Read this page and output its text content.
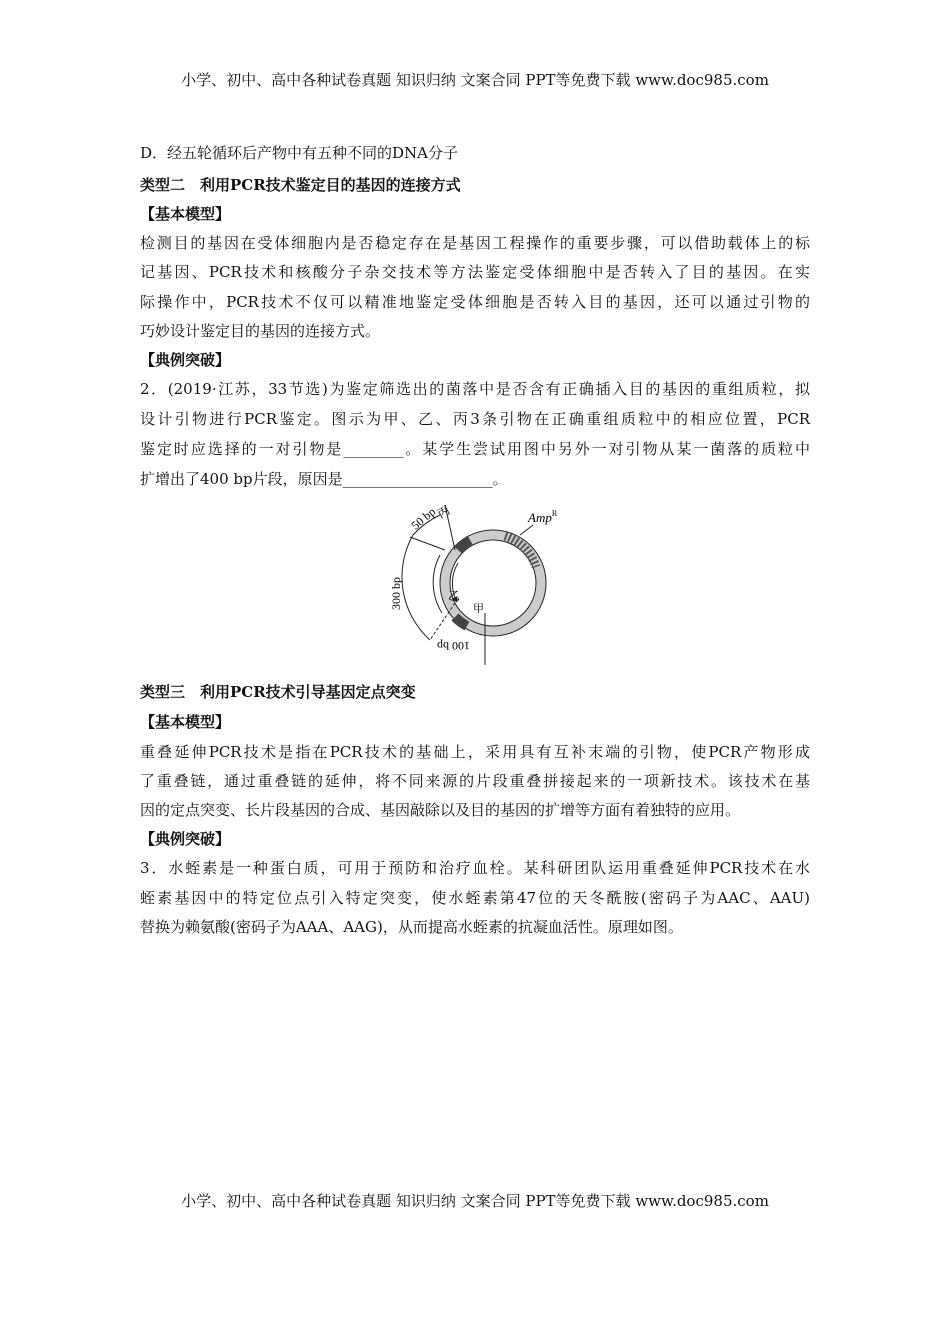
小学、初中、高中各种试卷真题 知识归纳 文案合同 PPT等免费下载 www.doc985.com
D．经五轮循环后产物中有五种不同的DNA分子
类型二　利用PCR技术鉴定目的基因的连接方式
【基本模型】
检测目的基因在受体细胞内是否稳定存在是基因工程操作的重要步骤，可以借助载体上的标
记基因、PCR技术和核酸分子杂交技术等方法鉴定受体细胞中是否转入了目的基因。在实
际操作中，PCR技术不仅可以精准地鉴定受体细胞是否转入目的基因，还可以通过引物的
巧妙设计鉴定目的基因的连接方式。
【典例突破】
2．(2019·江苏，33节选)为鉴定筛选出的菌落中是否含有正确插入目的基因的重组质粒，拟
设计引物进行PCR鉴定。图示为甲、乙、丙3条引物在正确重组质粒中的相应位置，PCR
鉴定时应选择的一对引物是________。某学生尝试用图中另外一对引物从某一菌落的质粒中
扩增出了400 bp片段，原因是____________________。
50 bp
300 bp
100 bp
丙
乙
甲
Amp$^R$
类型三　利用PCR技术引导基因定点突变
【基本模型】
重叠延伸PCR技术是指在PCR技术的基础上，采用具有互补末端的引物，使PCR产物形成
了重叠链，通过重叠链的延伸，将不同来源的片段重叠拼接起来的一项新技术。该技术在基
因的定点突变、长片段基因的合成、基因敲除以及目的基因的扩增等方面有着独特的应用。
【典例突破】
3．水蛭素是一种蛋白质，可用于预防和治疗血栓。某科研团队运用重叠延伸PCR技术在水
蛭素基因中的特定位点引入特定突变，使水蛭素第47位的天冬酰胺(密码子为AAC、AAU)
替换为赖氨酸(密码子为AAA、AAG)，从而提高水蛭素的抗凝血活性。原理如图。
小学、初中、高中各种试卷真题 知识归纳 文案合同 PPT等免费下载 www.doc985.com
